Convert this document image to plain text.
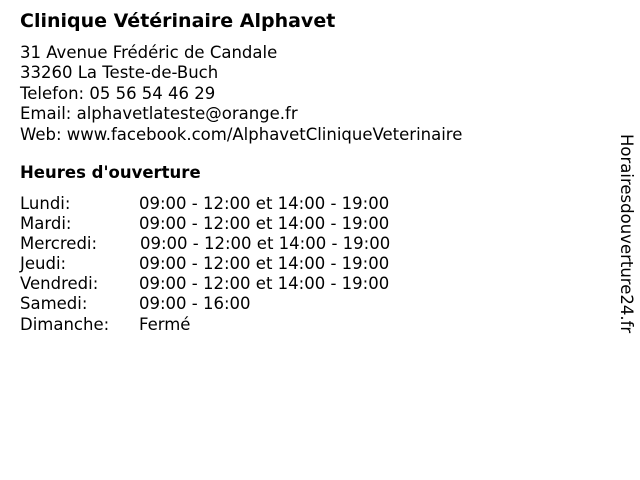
Clinique Vétérinaire Alphavet
31 Avenue Frédéric de Candale
33260 La Teste-de-Buch
Telefon: 05 56 54 46 29
Email: alphavetlateste@orange.fr
Web: www.facebook.com/AlphavetCliniqueVeterinaire
Heures d'ouverture
Lundi:	09:00 - 12:00 et 14:00 - 19:00
Mardi:	09:00 - 12:00 et 14:00 - 19:00
Mercredi:	09:00 - 12:00 et 14:00 - 19:00
Jeudi:	09:00 - 12:00 et 14:00 - 19:00
Vendredi: 09:00 - 12:00 et 14:00 - 19:00
Samedi:	09:00 - 16:00
Dimanche: Fermé	Horairesdouverture24.fr
